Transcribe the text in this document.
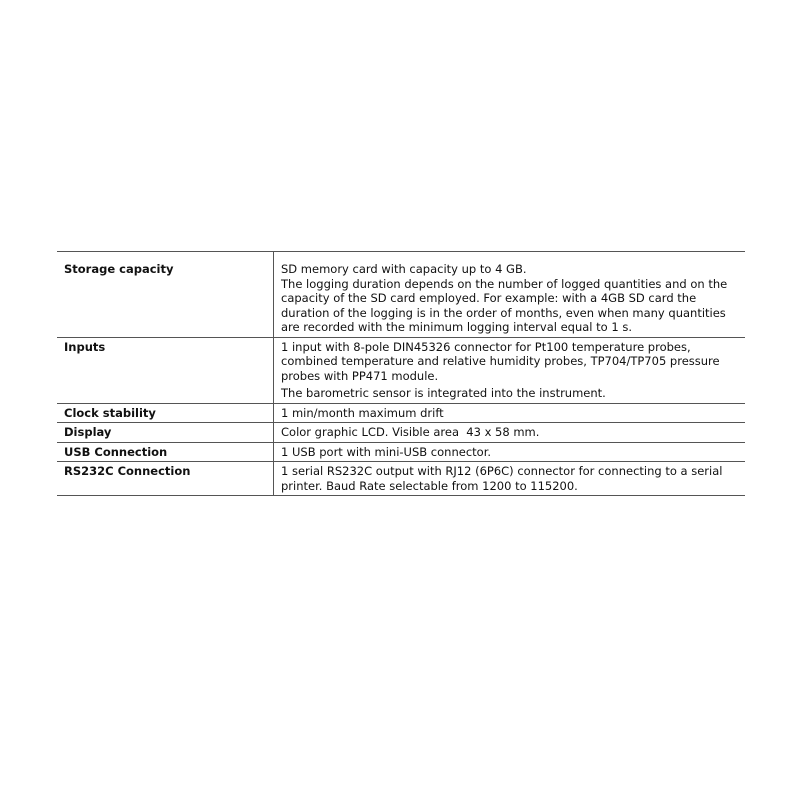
Storage capacity	SD memory card with capacity up to 4 GB.
The logging duration depends on the number of logged quantities and on the capacity of the SD card employed. For example: with a 4GB SD card the duration of the logging is in the order of months, even when many quantities are recorded with the minimum logging interval equal to 1 s.

Inputs	1 input with 8-pole DIN45326 connector for Pt100 temperature probes, combined temperature and relative humidity probes, TP704/TP705 pressure probes with PP471 module.
The barometric sensor is integrated into the instrument.

Clock stability	1 min/month maximum drift

Display	Color graphic LCD. Visible area  43 x 58 mm.

USB Connection	1 USB port with mini-USB connector.

RS232C Connection	1 serial RS232C output with RJ12 (6P6C) connector for connecting to a serial printer. Baud Rate selectable from 1200 to 115200.
